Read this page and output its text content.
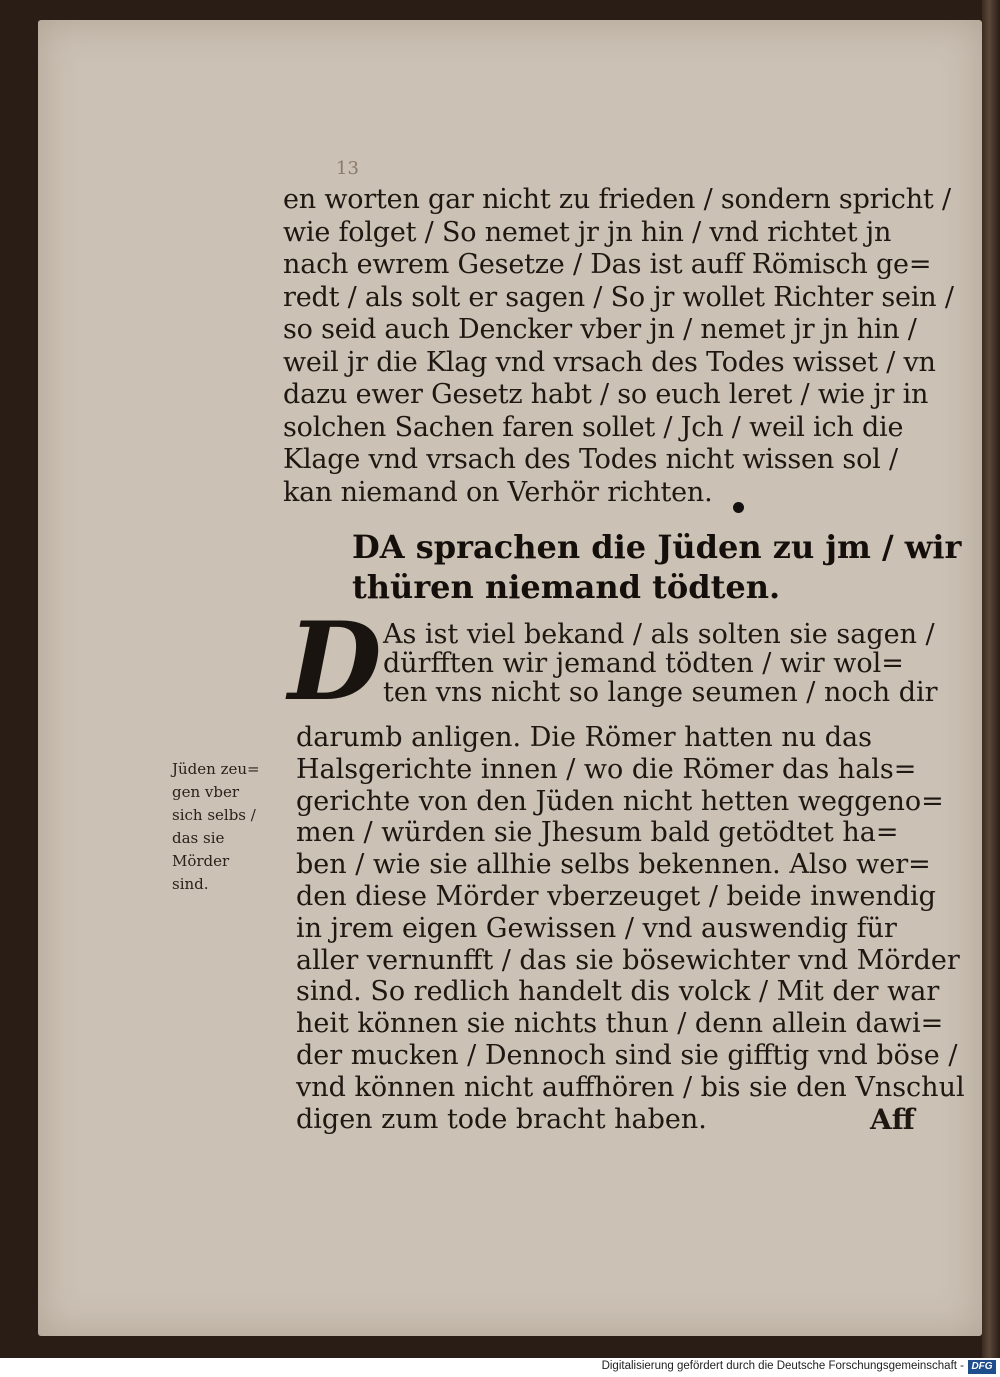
13
en worten gar nicht zu frieden / sondern spricht /
wie folget / So nemet jr jn hin / vnd richtet jn
nach ewrem Gesetze / Das ist auff Römisch ge=
redt / als solt er sagen / So jr wollet Richter sein /
so seid auch Dencker vber jn / nemet jr jn hin /
weil jr die Klag vnd vrsach des Todes wisset / vn
dazu ewer Gesetz habt / so euch leret / wie jr in
solchen Sachen faren sollet / Jch / weil ich die
Klage vnd vrsach des Todes nicht wissen sol /
kan niemand on Verhör richten.
DA sprachen die Jüden zu jm / wir
thüren niemand tödten.
D As ist viel bekand / als solten sie sagen /
dürfften wir jemand tödten / wir wol=
ten vns nicht so lange seumen / noch dir
darumb anligen. Die Römer hatten nu das
Halsgerichte innen / wo die Römer das hals=
gerichte von den Jüden nicht hetten weggeno=
men / würden sie Jhesum bald getödtet ha=
ben / wie sie allhie selbs bekennen. Also wer=
den diese Mörder vberzeuget / beide inwendig
in jrem eigen Gewissen / vnd auswendig für
aller vernunfft / das sie bösewichter vnd Mörder
sind. So redlich handelt dis volck / Mit der war
heit können sie nichts thun / denn allein dawi=
der mucken / Dennoch sind sie gifftig vnd böse /
vnd können nicht auffhören / bis sie den Vnschul
digen zum tode bracht haben.
Jüden zeu=
gen vber
sich selbs /
das sie
Mörder
sind.
Aff
Digitalisierung gefördert durch die Deutsche Forschungsgemeinschaft - DFG
